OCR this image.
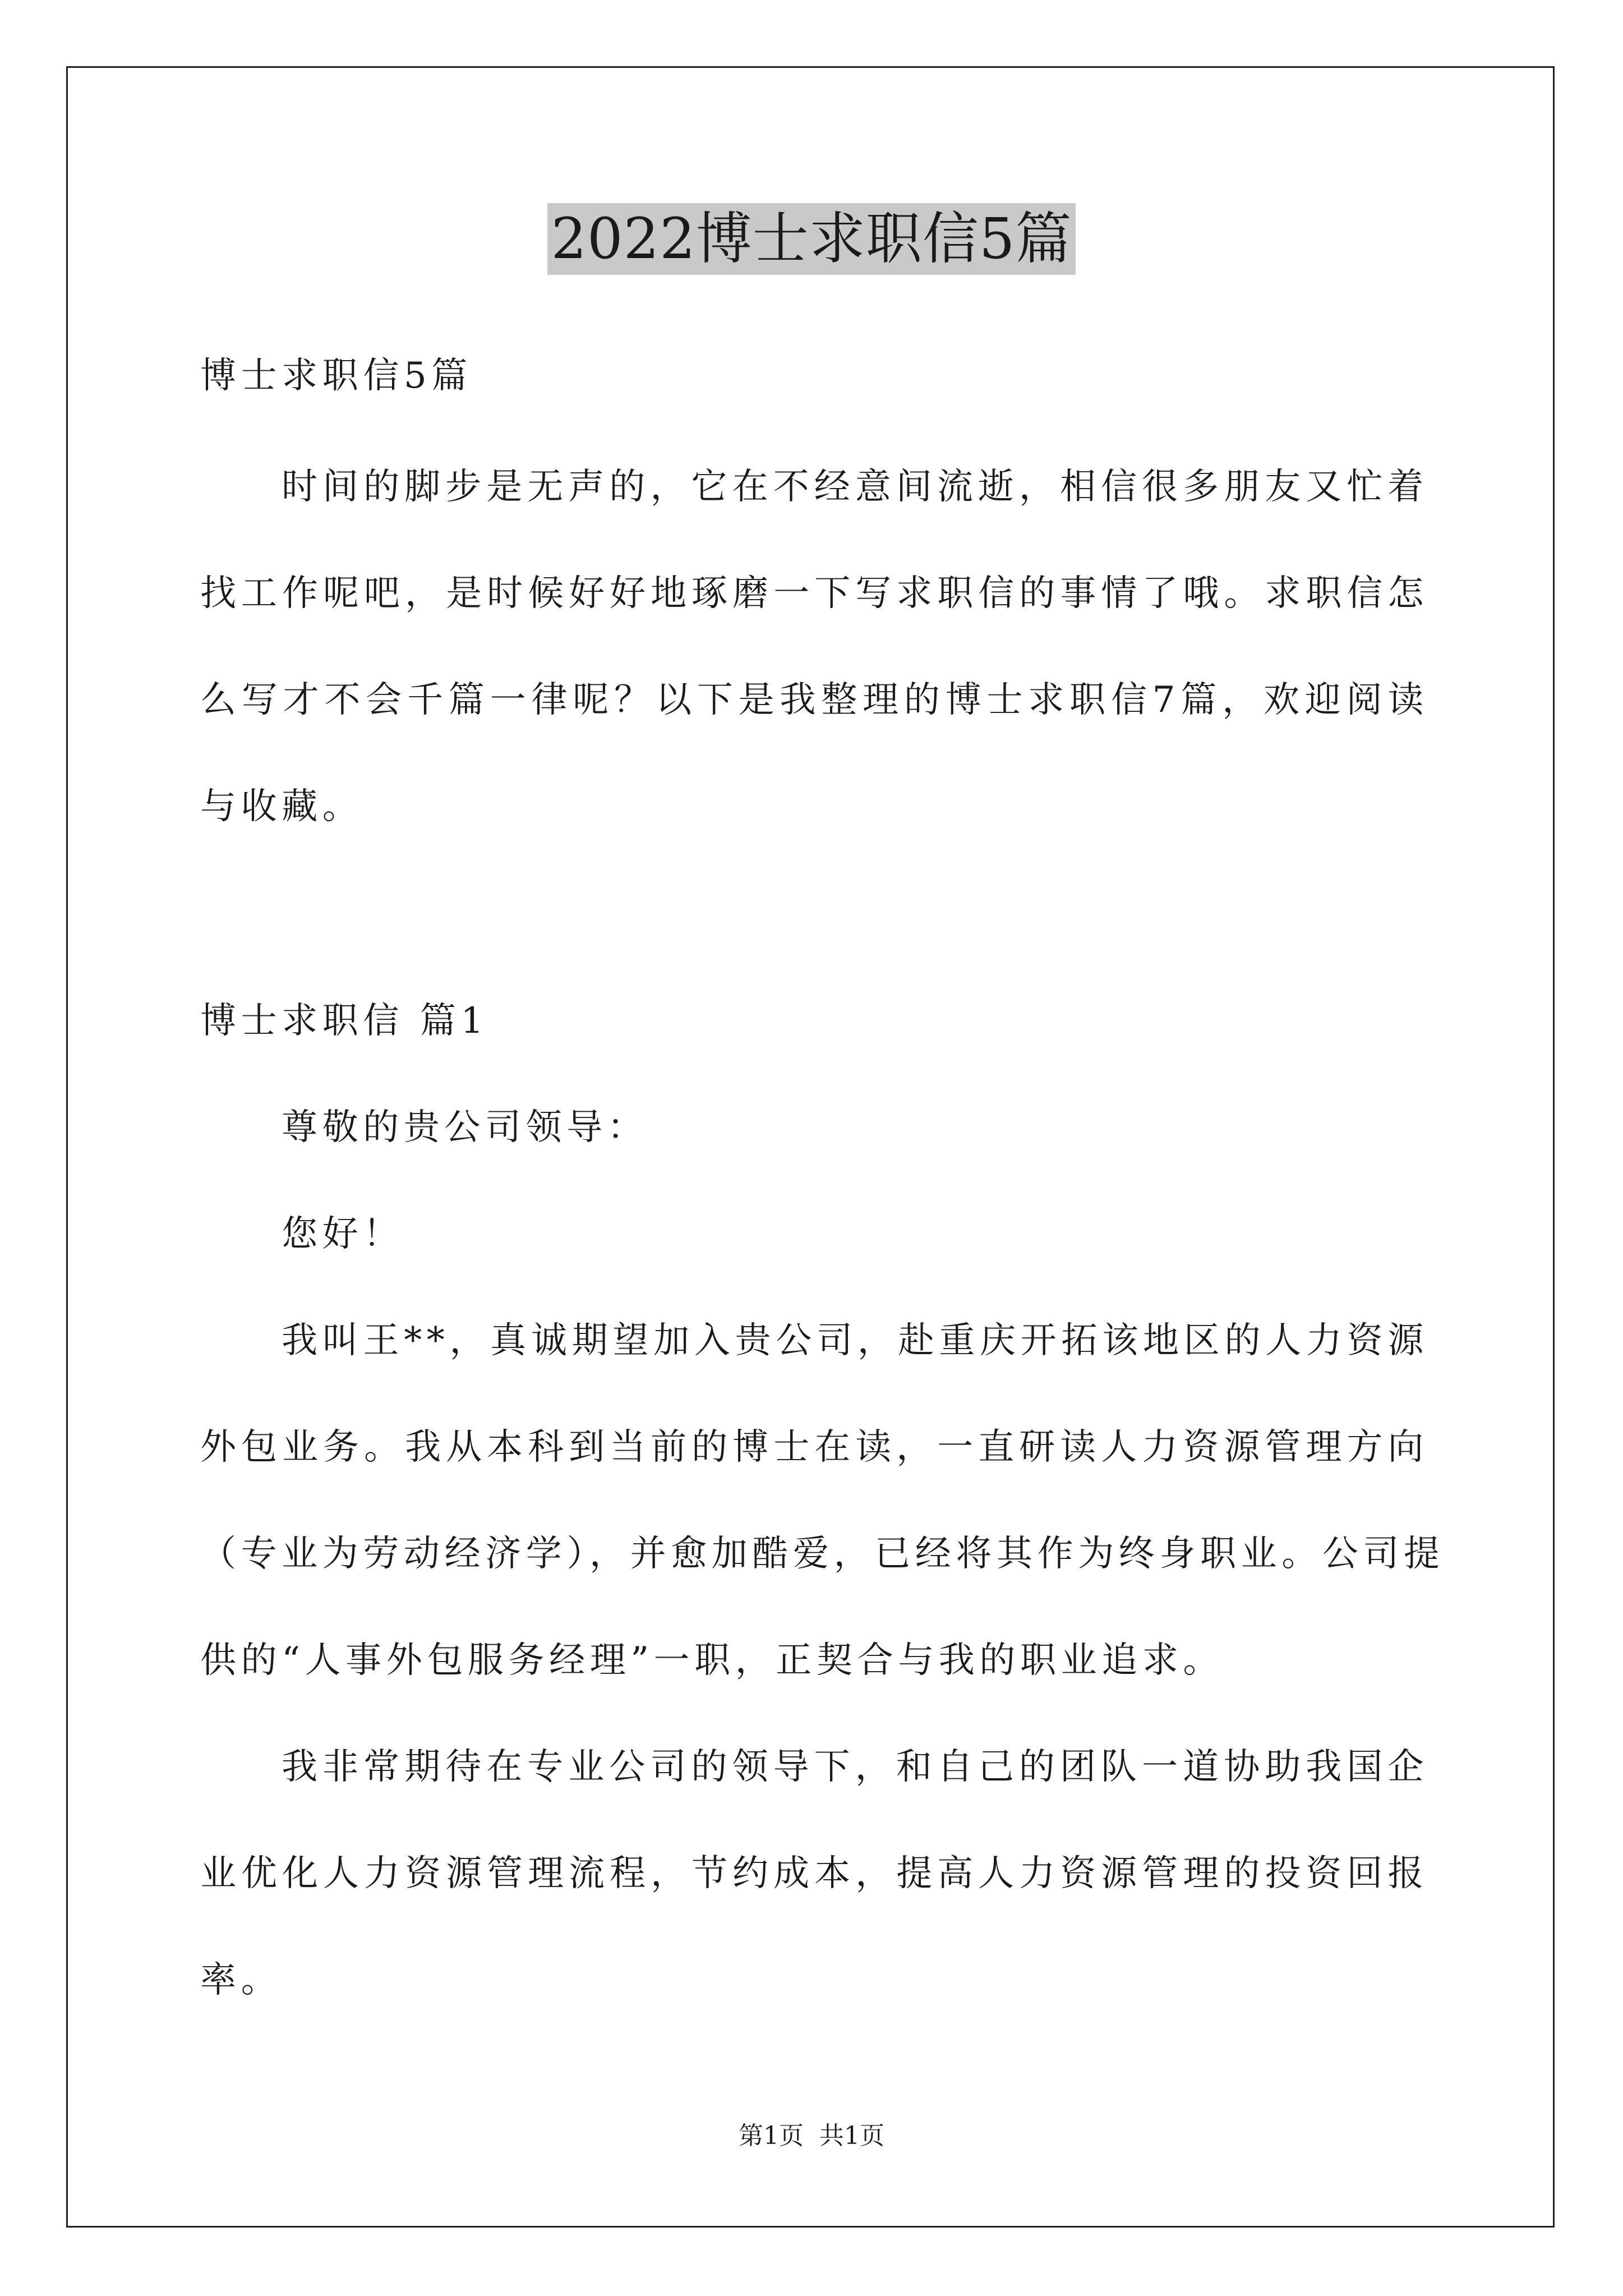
2022博士求职信5篇
博士求职信5篇
时间的脚步是无声的，它在不经意间流逝，相信很多朋友又忙着
找工作呢吧，是时候好好地琢磨一下写求职信的事情了哦。求职信怎
么写才不会千篇一律呢？以下是我整理的博士求职信7篇，欢迎阅读
与收藏。
博士求职信 篇1
尊敬的贵公司领导：
您好！
我叫王**，真诚期望加入贵公司，赴重庆开拓该地区的人力资源
外包业务。我从本科到当前的博士在读，一直研读人力资源管理方向
（专业为劳动经济学），并愈加酷爱，已经将其作为终身职业。公司提
供的“人事外包服务经理”一职，正契合与我的职业追求。
我非常期待在专业公司的领导下，和自己的团队一道协助我国企
业优化人力资源管理流程，节约成本，提高人力资源管理的投资回报
率。
第1页 共1页
